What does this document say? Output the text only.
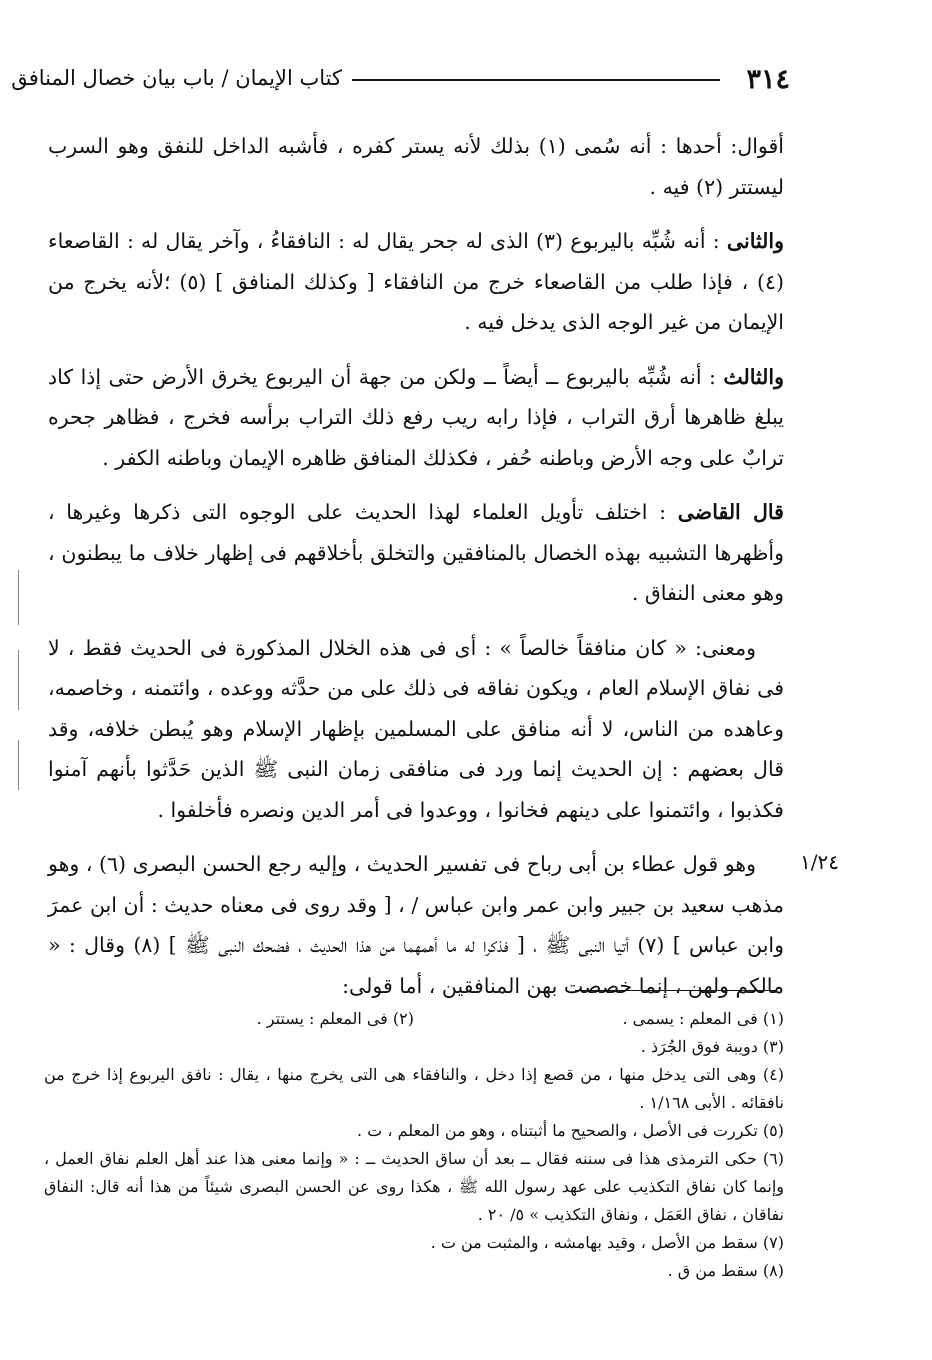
٣١٤
كتاب الإيمان / باب بيان خصال المنافق

أقوال: أحدها : أنه سُمى (١) بذلك لأنه يستر كفره ، فأشبه الداخل للنفق وهو السرب ليستتر (٢) فيه .

والثانى : أنه شُبِّه باليربوع (٣) الذى له جحر يقال له : النافقاءُ ، وآخر يقال له : القاصعاء (٤) ، فإذا طلب من القاصعاء خرج من النافقاء [ وكذلك المنافق ] (٥) ؛لأنه يخرج من الإيمان من غير الوجه الذى يدخل فيه .

والثالث : أنه شُبِّه باليربوع ــ أيضاً ــ ولكن من جهة أن اليربوع يخرق الأرض حتى إذا كاد يبلغ ظاهرها أرق التراب ، فإذا رابه ريب رفع ذلك التراب برأسه فخرج ، فظاهر جحره ترابٌ على وجه الأرض وباطنه حُفر ، فكذلك المنافق ظاهره الإيمان وباطنه الكفر .

قال القاضى : اختلف تأويل العلماء لهذا الحديث على الوجوه التى ذكرها وغيرها ، وأظهرها التشبيه بهذه الخصال بالمنافقين والتخلق بأخلاقهم فى إظهار خلاف ما يبطنون ، وهو معنى النفاق .

ومعنى: « كان منافقاً خالصاً » : أى فى هذه الخلال المذكورة فى الحديث فقط ، لا فى نفاق الإسلام العام ، ويكون نفاقه فى ذلك على من حدَّثه ووعده ، وائتمنه ، وخاصمه، وعاهده من الناس، لا أنه منافق على المسلمين بإظهار الإسلام وهو يُبطن خلافه، وقد قال بعضهم : إن الحديث إنما ورد فى منافقى زمان النبى ﷺ الذين حَدَّثوا بأنهم آمنوا فكذبوا ، وائتمنوا على دينهم فخانوا ، ووعدوا فى أمر الدين ونصره فأخلفوا .

وهو قول عطاء بن أبى رباح فى تفسير الحديث ، وإليه رجع الحسن البصرى (٦) ، وهو مذهب سعيد بن جبير وابن عمر وابن عباس / ، [ وقد روى فى معناه حديث : أن ابن عمرَ وابن عباس ] (٧) أتيا النبى ﷺ ، [ فذكرا له ما أهمهما من هذا الحديث ، فضحك النبى ﷺ ] (٨) وقال : « مالكم ولهن ، إنما خصصت بهن المنافقين ، أما قولى:

١/٢٤

(١) فى المعلم : يسمى .

(٢) فى المعلم : يستتر .

(٣) دويبة فوق الجُرَذ .

(٤) وهى التى يدخل منها ، من قصع إذا دخل ، والنافقاء هى التى يخرج منها ، يقال : نافق اليربوع إذا خرج من نافقائه . الأبى ١/١٦٨ .

(٥) تكررت فى الأصل ، والصحيح ما أثبتناه ، وهو من المعلم ، ت .

(٦) حكى الترمذى هذا فى سننه فقال ــ بعد أن ساق الحديث ــ : « وإنما معنى هذا عند أهل العلم نفاق العمل ، وإنما كان نفاق التكذيب على عهد رسول الله ﷺ ، هكذا روى عن الحسن البصرى شيئاً من هذا أنه قال: النفاق نفاقان ، نفاق العَمَل ، ونفاق التكذيب » ٥/ ٢٠ .

(٧) سقط من الأصل ، وقيد بهامشه ، والمثبت من ت .

(٨) سقط من ق .
